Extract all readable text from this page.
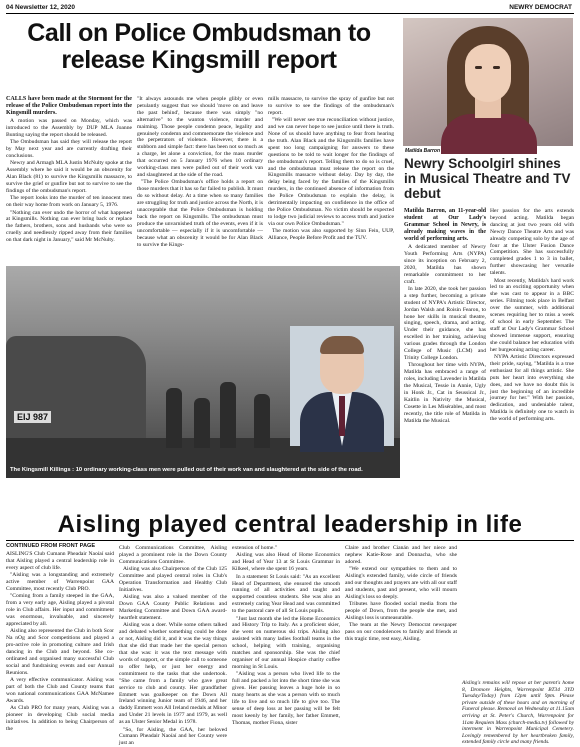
04 Newsletter 12, 2020	NEWRY DEMOCRAT
Call on Police Ombudsman to release Kingsmill report

CALLS have been made at the Stormont for the release of the Police Ombudsman report into the Kingsmill murders.

A motion was passed on Monday, which was introduced to the Assembly by DUP MLA Joanne Bunting saying the report should be released.

The Ombudsman has said they will release the report by May next year and are currently drafting their conclusions.

Newry and Armagh MLA Justin McNulty spoke at the Assembly where he said it would be an obscenity for Alan Black (81) to survive the Kingsmills massacre, to survive the grief or gunfire but not to survive to see the findings of the ombudsman's report.

The report looks into the murder of ten innocent men on their way home from work on January 5, 1976.

"Nothing can ever undo the horror of what happened at Kingsmills. Nothing can ever bring back or replace the fathers, brothers, sons and husbands who were so cruelly and needlessly ripped away from their families on that dark night in January," said Mr McNulty.

"It always astounds me when people glibly or even petulantly suggest that we should 'move on and leave the past behind', because there was simply "no alternative" to the wanton violence, murder and maiming. Those people condemn peace, legality and genuinely condemn and commemorate the violence and the perpetrators of violence. However, there is a stubborn and simple fact: there has been not so much as a charge, let alone a conviction, for the mass murder that occurred on 5 January 1976 when 10 ordinary working-class men were pulled out of their work van and slaughtered at the side of the road.

"The Police Ombudsman's office holds a report on those murders that it has so far failed to publish. It must do so without delay. At a time when so many families are struggling for truth and justice across the North, it is unacceptable that the Police Ombudsman is holding back the report on Kingsmills. The ombudsman must produce the unvarnished truth of the events, even if it is uncomfortable — especially if it is uncomfortable — because what an obscenity it would be for Alan Black to survive the Kings-

mills massacre, to survive the spray of gunfire but not to survive to see the findings of the ombudsman's report.

"We will never see true reconciliation without justice, and we can never hope to see justice until there is truth. None of us should have anything to fear from hearing the truth. Alan Black and the Kingsmills families have spent too long campaigning for answers to these questions to be told to wait longer for the findings of the ombudsman's report. Telling them to do so is cruel, and the ombudsman must release the report on the Kingsmills massacre without delay. Day by day, the delay being faced by the families of the Kingsmills murders, in the continued absence of information from the Police Ombudsman to explain the delay, is detrimentally impacting on confidence in the office of the Police Ombudsman. No victim should be expected to lodge two judicial reviews to access truth and justice via our own Police Ombudsman."

The motion was also supported by Sinn Fein, UUP, Alliance, People Before Profit and the TUV.

Matilda Barron
Newry Schoolgirl shines in Musical Theatre and TV debut

Matilda Barron, an 11-year-old student at Our Lady's Grammar School in Newry, is already making waves in the world of performing arts.

A dedicated member of Newry Youth Performing Arts (NYPA) since its inception on February 2, 2020, Matilda has shown remarkable commitment to her craft.

In late 2020, she took her passion a step further, becoming a private student of NYPA's Artistic Director, Jordan Walsh and Roisin Fearon, to hone her skills in musical theatre, singing, speech, drama, and acting. Under their guidance, she has excelled in her training, achieving various grades through the London College of Music (LCM) and Trinity College London.

Throughout her time with NYPA, Matilda has embraced a range of roles, including Lavender in Matilda the Musical, Tessie in Annie, Ugly in Honk Jr., Cat in Seussical Jr., Kaitlin in Nativity the Musical, Cosette in Les Misérables, and most recently, the title role of Matilda in Matilda the Musical.

Her passion for the arts extends beyond acting. Matilda began dancing at just two years old with Newry Dance Theatre Arts and was already competing solo by the age of four at the Ulster Fusion Dance Competition. She has successfully completed grades 1 to 3 in ballet, further showcasing her versatile talents.

Most recently, Matilda's hard work led to an exciting opportunity when she was cast to appear in a BBC series. Filming took place in Belfast over the summer, with additional scenes requiring her to miss a week of school in early September. The staff at Our Lady's Grammar School showed immense support, ensuring she could balance her education with her burgeoning acting career.

NYPA Artistic Directors expressed their pride, saying, "Matilda is a true enthusiast for all things artistic. She puts her heart into everything she does, and we have no doubt this is just the beginning of an incredible journey for her." With her passion, dedication, and undeniable talent, Matilda is definitely one to watch in the world of performing arts.

EIJ 987
The Kingsmill Killings : 10 ordinary working-class men were pulled out of their work van and slaughtered at the side of the road.
Aisling played central leadership in life
CONTINUED FROM FRONT PAGE

AISLING'S Club Cumann Pheadair Naoíaí said that Aisling played a central leadership role in every aspect of club life.

"Aisling was a longstanding and extremely active member of Warrenpoint GAA Committee, most recently Club PRO.

"Coming from a family steeped in the GAA, from a very early age, Aisling played a pivotal role in Club affairs. Her input and commitment was enormous, invaluable, and sincerely appreciated by all.

Aisling also represented the Club in both Scor Na nOg and Scor competitions and played a pro-active role in promoting culture and Irish dancing in the Club and beyond. She co-ordinated and organised many successful Club social and fundraising events and our Annual Reunions.

A very effective communicator. Aisling was part of both the Club and County teams that won national communications GAA McNamee Awards.

As Club PRO for many years, Aisling was a pioneer in developing Club social media initiatives. In addition to being Chairperson of the

Club Communications Committee, Aisling played a prominent role in the Down County Communications Committee.

Aisling was also Chairperson of the Club 125 Committee and played central roles in Club's Operation Transformation and Healthy Club Initiatives.

Aisling was also a valued member of the Down GAA County Public Relations and Marketing Committee and Down GAA award-heartfelt statement.

Aisling was a doer. While some others talked and debated whether something could be done or not, Aisling did it, and it was the way things that she did that made her the special person that she was: it was the text message with words of support, or the simple call to someone to offer help, or just her energy and commitment to the tasks that she undertook. "She came from a family who gave great service to club and county. Her grandfather Emmett was goalkeeper on the Down All Ireland winning Junior team of 1946, and her daddy Emmett won All Ireland medals at Minor and Under 21 levels in 1977 and 1979, as well as an Ulster Senior Medal in 1978.

"So, for Aisling, the GAA, her beloved Cumann Pheadair Naoíaí and her County were just an

extension of home."

Aisling was also Head of Home Economics and Head of Year 13 at St Louis Grammar in Kilkeel, where she spent 16 years.

In a statement St Louis said: "As an excellent Head of Department, she ensured the smooth running of all activities and taught and supported countless students. She was also an extremely caring Year Head and was committed to the pastoral care of all St Louis pupils.

"Just last month she led the Home Economics and History Trip to Italy. As a proficient skier, she went on numerous ski trips. Aisling also assisted with many ladies football teams in the school, helping with training, organising matches and sponsorship. She was the chief organiser of our annual Hospice charity coffee morning in St Louis.

"Aisling was a person who lived life to the full and packed a lot into the short time she was given. Her passing leaves a huge hole in so many hearts as she was a person with so much life to live and so much life to give too. The sense of deep loss at her passing will be felt most keenly by her family, her father Emmett, Thomas, mother Fiona, sister

Claire and brother Cianán and her niece and nephew Katie-Rose and Donnacha, who she adored.

"We extend our sympathies to them and to Aisling's extended family, wide circle of friends and our thoughts and prayers are with all our staff and students, past and present, who will mourn Aisling's loss so deeply.

Tributes have flooded social media from the people of Down, from the people she met, and Aislings loss is unmeasurable.

The team at the Newry Democrat newspaper pass on our condolences to family and friends at this tragic time, rest easy, Aisling.

Aisling's remains will repose at her parent's home 8, Dromore Heights, Warrenpoint BT34 3YD Tuesday/Today) from 12pm until 9pm. Please private outside of these hours and on morning of Funeral please. Removal on Wednesday at 11.15am arriving at St. Peter's Church, Warrenpoint for 11am Requiem Mass (church-media.tv) followed by interment in Warrenpoint Municipal Cemetery. Lovingly remembered by her heartbroken family, extended family circle and many friends.
